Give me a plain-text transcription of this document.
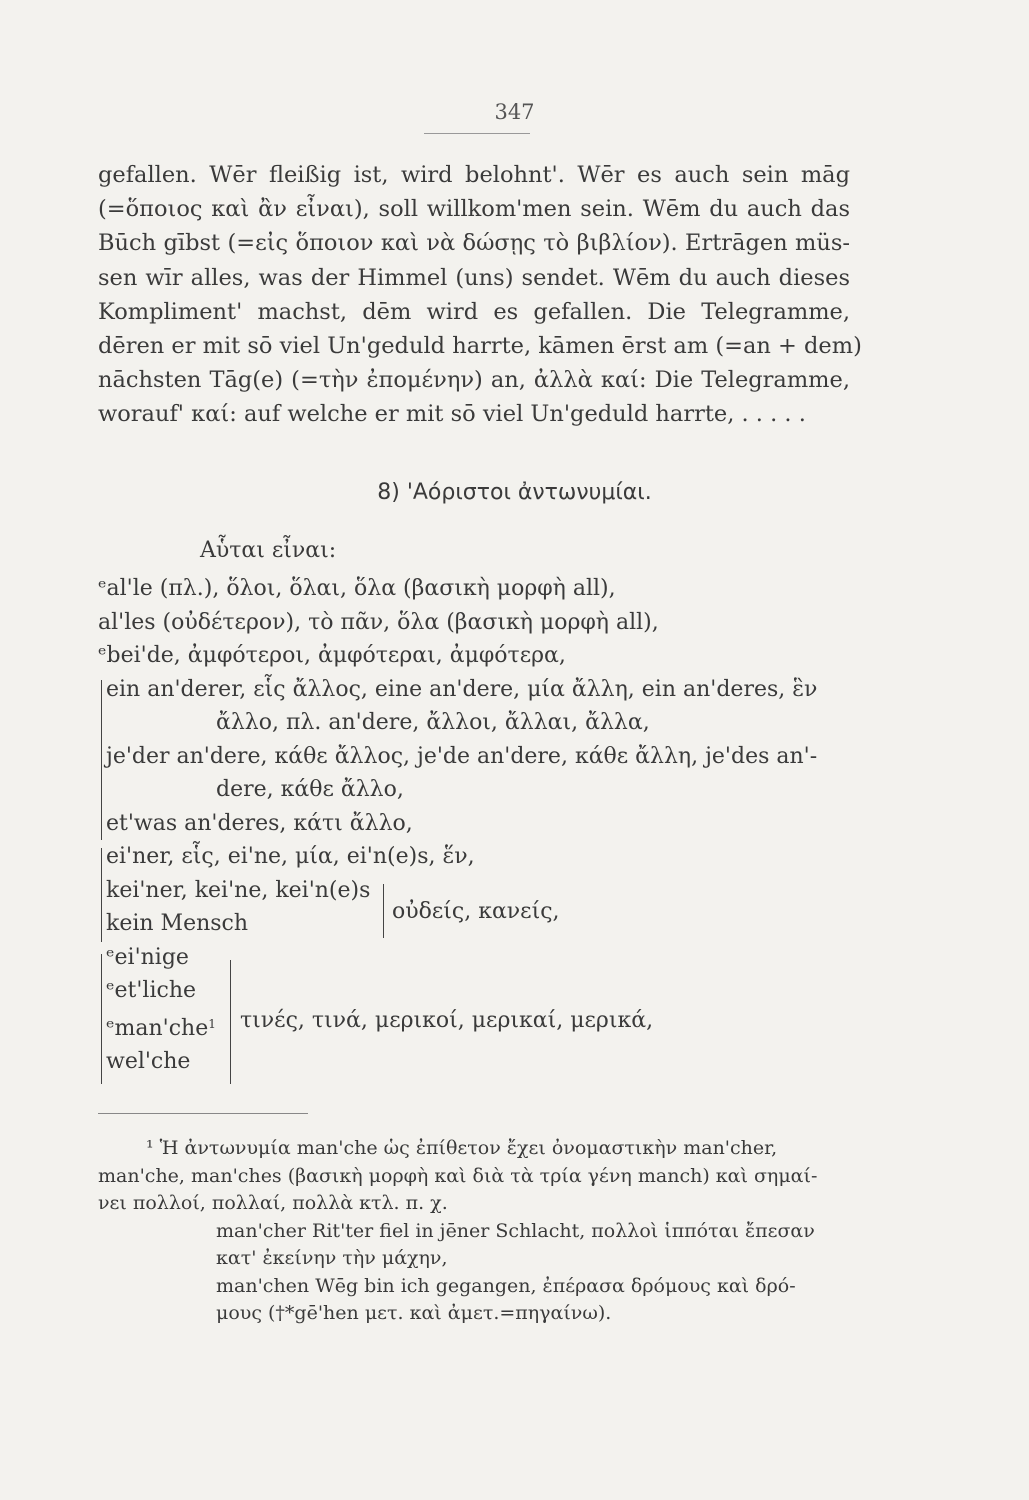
347
gefallen. Wēr fleißig ist, wird belohnt'. Wēr es auch sein māg
(=ὅποιος καὶ ἂν εἶναι), soll willkom'men sein. Wēm du auch das
Būch gībst (=εἰς ὅποιον καὶ νὰ δώσῃς τὸ βιβλίον). Ertrāgen müs-
sen wīr alles, was der Himmel (uns) sendet. Wēm du auch dieses
Kompliment' machst, dēm wird es gefallen. Die Telegramme,
dēren er mit sō viel Un'geduld harrte, kāmen ērst am (=an + dem)
nāchsten Tāg(e) (=τὴν ἐπομένην) an, ἀλλὰ καί: Die Telegramme,
worauf' καί: auf welche er mit sō viel Un'geduld harrte, . . . . .
8) 'Αόριστοι ἀντωνυμίαι.
Αὗται εἶναι:
ᵉal'le (πλ.), ὅλοι, ὅλαι, ὅλα (βασικὴ μορφὴ all),
al'les (οὐδέτερον), τὸ πᾶν, ὅλα (βασικὴ μορφὴ all),
ᵉbei'de, ἀμφότεροι, ἀμφότεραι, ἀμφότερα,
ein an'derer, εἷς ἄλλος, eine an'dere, μία ἄλλη, ein an'deres, ἓν
ἄλλο, πλ. an'dere, ἄλλοι, ἄλλαι, ἄλλα,
je'der an'dere, κάθε ἄλλος, je'de an'dere, κάθε ἄλλη, je'des an'-
dere, κάθε ἄλλο,
et'was an'deres, κάτι ἄλλο,
ei'ner, εἷς, ei'ne, μία, ei'n(e)s, ἕν,
kei'ner, kei'ne, kei'n(e)s
kein Mensch
ᵉei'nige
ᵉet'liche
ᵉman'che$^1$
wel'che
οὐδείς, κανείς,
τινές, τινά, μερικοί, μερικαί, μερικά,
¹ Ἡ ἀντωνυμία man'che ὡς ἐπίθετον ἔχει ὀνομαστικὴν man'cher,
man'che, man'ches (βασικὴ μορφὴ καὶ διὰ τὰ τρία γένη manch) καὶ σημαί-
νει πολλοί, πολλαί, πολλὰ κτλ. π. χ.
man'cher Rit'ter fiel in jēner Schlacht, πολλοὶ ἱππόται ἔπεσαν
κατ' ἐκείνην τὴν μάχην,
man'chen Wēg bin ich gegangen, ἐπέρασα δρόμους καὶ δρό-
μους (†*gē'hen μετ. καὶ ἀμετ.=πηγαίνω).
